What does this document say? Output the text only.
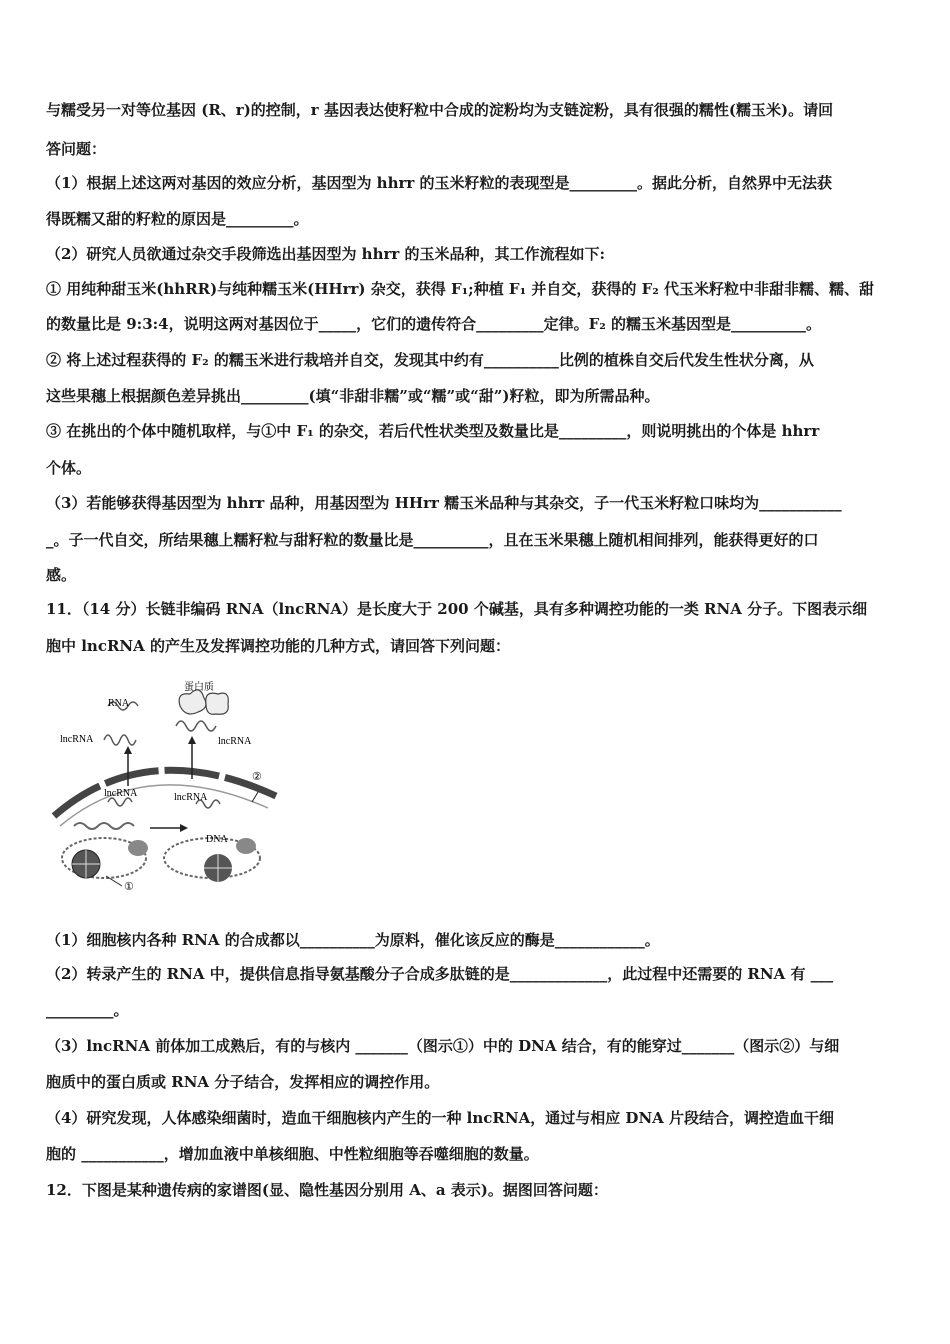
与糯受另一对等位基因 (R、r)的控制，r 基因表达使籽粒中合成的淀粉均为支链淀粉，具有很强的糯性(糯玉米)。请回
答问题：
（1）根据上述这两对基因的效应分析，基因型为 hhrr 的玉米籽粒的表现型是_________。据此分析，自然界中无法获
得既糯又甜的籽粒的原因是_________。
（2）研究人员欲通过杂交手段筛选出基因型为 hhrr 的玉米品种，其工作流程如下:
① 用纯种甜玉米(hhRR)与纯种糯玉米(HHrr) 杂交，获得 F₁;种植 F₁ 并自交，获得的 F₂ 代玉米籽粒中非甜非糯、糯、甜
的数量比是 9:3:4，说明这两对基因位于_____，它们的遗传符合_________定律。F₂ 的糯玉米基因型是__________。
② 将上述过程获得的 F₂ 的糯玉米进行栽培并自交，发现其中约有__________比例的植株自交后代发生性状分离，从
这些果穗上根据颜色差异挑出_________(填“非甜非糯”或“糯”或“甜”)籽粒，即为所需品种。
③ 在挑出的个体中随机取样，与①中 F₁ 的杂交，若后代性状类型及数量比是_________，则说明挑出的个体是 hhrr
个体。
（3）若能够获得基因型为 hhrr 品种，用基因型为 HHrr 糯玉米品种与其杂交，子一代玉米籽粒口味均为___________
_。子一代自交，所结果穗上糯籽粒与甜籽粒的数量比是__________，且在玉米果穗上随机相间排列，能获得更好的口
感。
11．（14 分）长链非编码 RNA（lncRNA）是长度大于 200 个碱基，具有多种调控功能的一类 RNA 分子。下图表示细
胞中 lncRNA 的产生及发挥调控功能的几种方式，请回答下列问题：
RNA
蛋白质
lncRNA	lncRNA
lncRNA	lncRNA
DNA
①
②
（1）细胞核内各种 RNA 的合成都以__________为原料，催化该反应的酶是____________。
（2）转录产生的 RNA 中，提供信息指导氨基酸分子合成多肽链的是_____________，此过程中还需要的 RNA 有 ___
_________。
（3）lncRNA 前体加工成熟后，有的与核内 _______（图示①）中的 DNA 结合，有的能穿过_______（图示②）与细
胞质中的蛋白质或 RNA 分子结合，发挥相应的调控作用。
（4）研究发现，人体感染细菌时，造血干细胞核内产生的一种 lncRNA，通过与相应 DNA 片段结合，调控造血干细
胞的 ___________，增加血液中单核细胞、中性粒细胞等吞噬细胞的数量。
12．下图是某种遗传病的家谱图(显、隐性基因分别用 A、a 表示)。据图回答问题：
